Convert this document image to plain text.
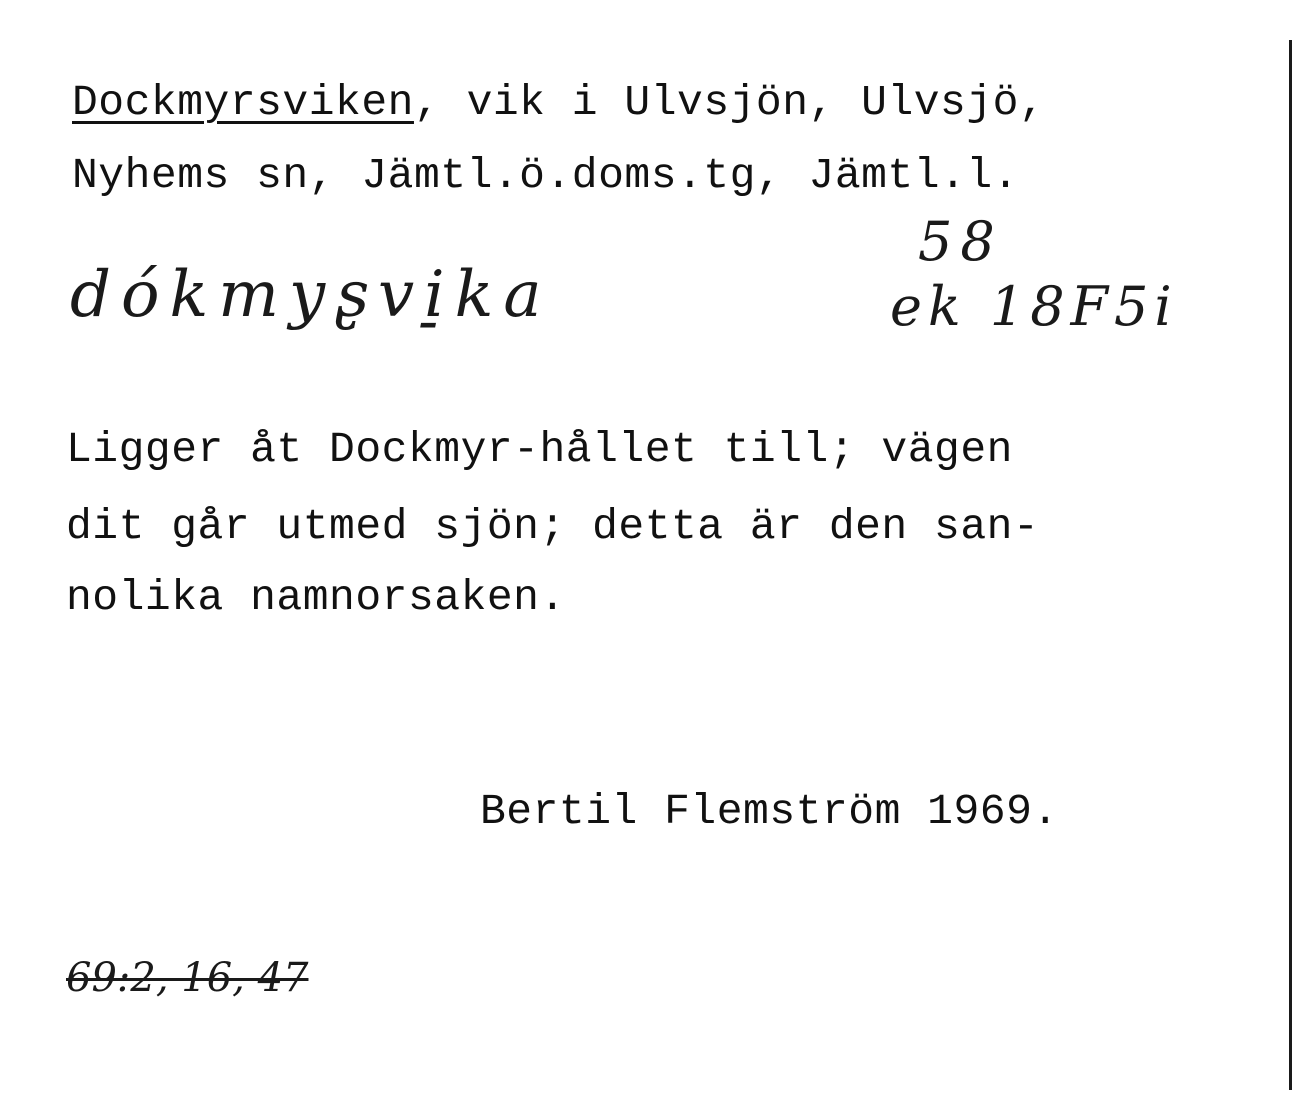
Dockmyrsviken, vik i Ulvsjön, Ulvsjö,
Nyhems sn, Jämtl.ö.doms.tg, Jämtl.l.
dókmyʂvi̠ka
58
ek 18F5i
Ligger åt Dockmyr-hållet till; vägen
dit går utmed sjön; detta är den san-
nolika namnorsaken.
Bertil Flemström 1969.
69:2, 16, 47
